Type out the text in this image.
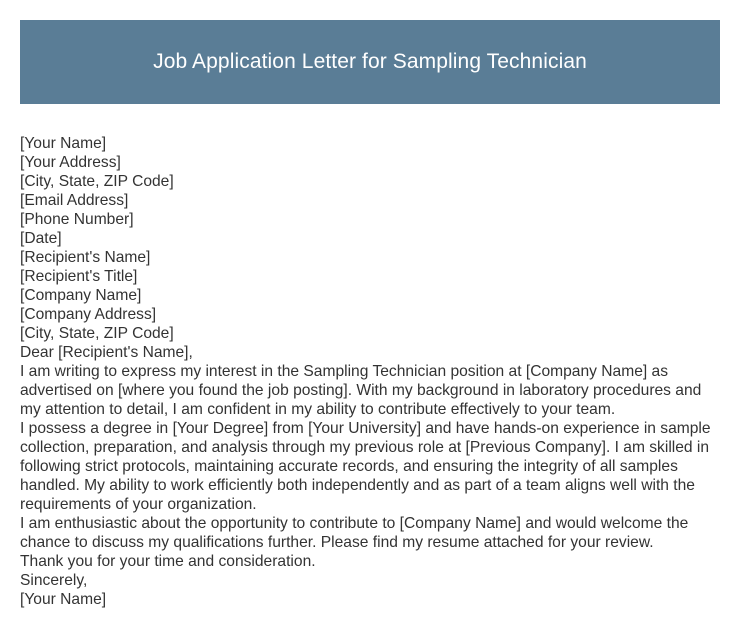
Job Application Letter for Sampling Technician
[Your Name]
[Your Address]
[City, State, ZIP Code]
[Email Address]
[Phone Number]
[Date]
[Recipient's Name]
[Recipient's Title]
[Company Name]
[Company Address]
[City, State, ZIP Code]
Dear [Recipient's Name],
I am writing to express my interest in the Sampling Technician position at [Company Name] as advertised on [where you found the job posting]. With my background in laboratory procedures and my attention to detail, I am confident in my ability to contribute effectively to your team.
I possess a degree in [Your Degree] from [Your University] and have hands-on experience in sample collection, preparation, and analysis through my previous role at [Previous Company]. I am skilled in following strict protocols, maintaining accurate records, and ensuring the integrity of all samples handled. My ability to work efficiently both independently and as part of a team aligns well with the requirements of your organization.
I am enthusiastic about the opportunity to contribute to [Company Name] and would welcome the chance to discuss my qualifications further. Please find my resume attached for your review.
Thank you for your time and consideration.
Sincerely,
[Your Name]
